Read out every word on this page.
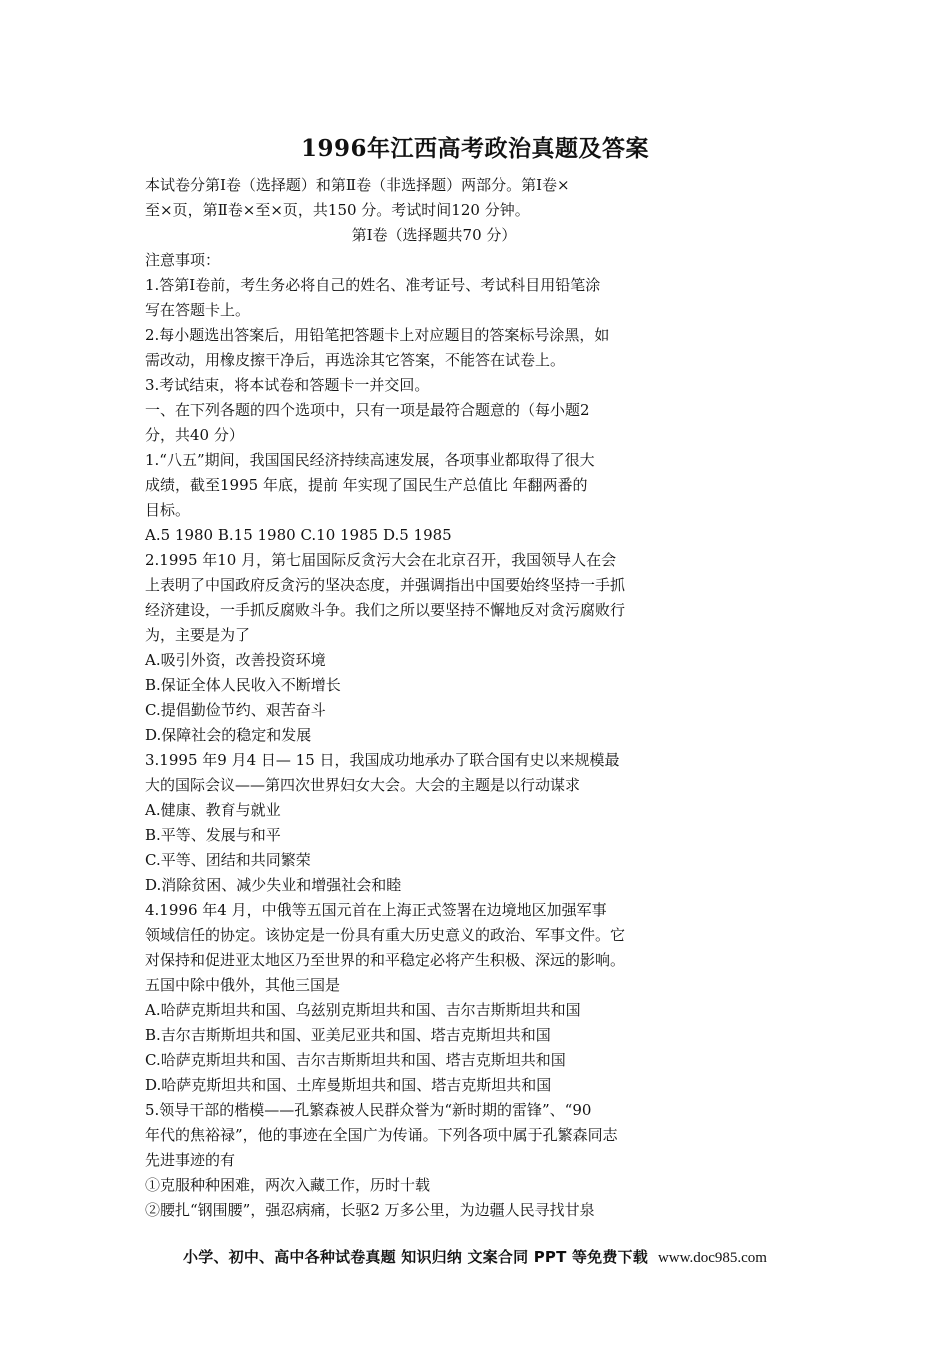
1996年江西高考政治真题及答案
本试卷分第Ⅰ卷（选择题）和第Ⅱ卷（非选择题）两部分。第Ⅰ卷×
至×页，第Ⅱ卷×至×页，共150 分。考试时间120 分钟。
第Ⅰ卷（选择题共70 分）
注意事项：
1.答第Ⅰ卷前，考生务必将自己的姓名、准考证号、考试科目用铅笔涂
写在答题卡上。
2.每小题选出答案后，用铅笔把答题卡上对应题目的答案标号涂黑，如
需改动，用橡皮擦干净后，再选涂其它答案，不能答在试卷上。
3.考试结束，将本试卷和答题卡一并交回。
一、在下列各题的四个选项中，只有一项是最符合题意的（每小题2
分，共40 分）
1.“八五”期间，我国国民经济持续高速发展，各项事业都取得了很大
成绩，截至1995 年底，提前 年实现了国民生产总值比 年翻两番的
目标。
A.5 1980 B.15 1980 C.10 1985 D.5 1985
2.1995 年10 月，第七届国际反贪污大会在北京召开，我国领导人在会
上表明了中国政府反贪污的坚决态度，并强调指出中国要始终坚持一手抓
经济建设，一手抓反腐败斗争。我们之所以要坚持不懈地反对贪污腐败行
为，主要是为了
A.吸引外资，改善投资环境
B.保证全体人民收入不断增长
C.提倡勤俭节约、艰苦奋斗
D.保障社会的稳定和发展
3.1995 年9 月4 日— 15 日，我国成功地承办了联合国有史以来规模最
大的国际会议——第四次世界妇女大会。大会的主题是以行动谋求
A.健康、教育与就业
B.平等、发展与和平
C.平等、团结和共同繁荣
D.消除贫困、减少失业和增强社会和睦
4.1996 年4 月，中俄等五国元首在上海正式签署在边境地区加强军事
领域信任的协定。该协定是一份具有重大历史意义的政治、军事文件。它
对保持和促进亚太地区乃至世界的和平稳定必将产生积极、深远的影响。
五国中除中俄外，其他三国是
A.哈萨克斯坦共和国、乌兹别克斯坦共和国、吉尔吉斯斯坦共和国
B.吉尔吉斯斯坦共和国、亚美尼亚共和国、塔吉克斯坦共和国
C.哈萨克斯坦共和国、吉尔吉斯斯坦共和国、塔吉克斯坦共和国
D.哈萨克斯坦共和国、土库曼斯坦共和国、塔吉克斯坦共和国
5.领导干部的楷模——孔繁森被人民群众誉为“新时期的雷锋”、“90
年代的焦裕禄”，他的事迹在全国广为传诵。下列各项中属于孔繁森同志
先进事迹的有
①克服种种困难，两次入藏工作，历时十载
②腰扎“钢围腰”，强忍病痛，长驱2 万多公里，为边疆人民寻找甘泉
小学、初中、高中各种试卷真题 知识归纳 文案合同 PPT 等免费下载 www.doc985.com
